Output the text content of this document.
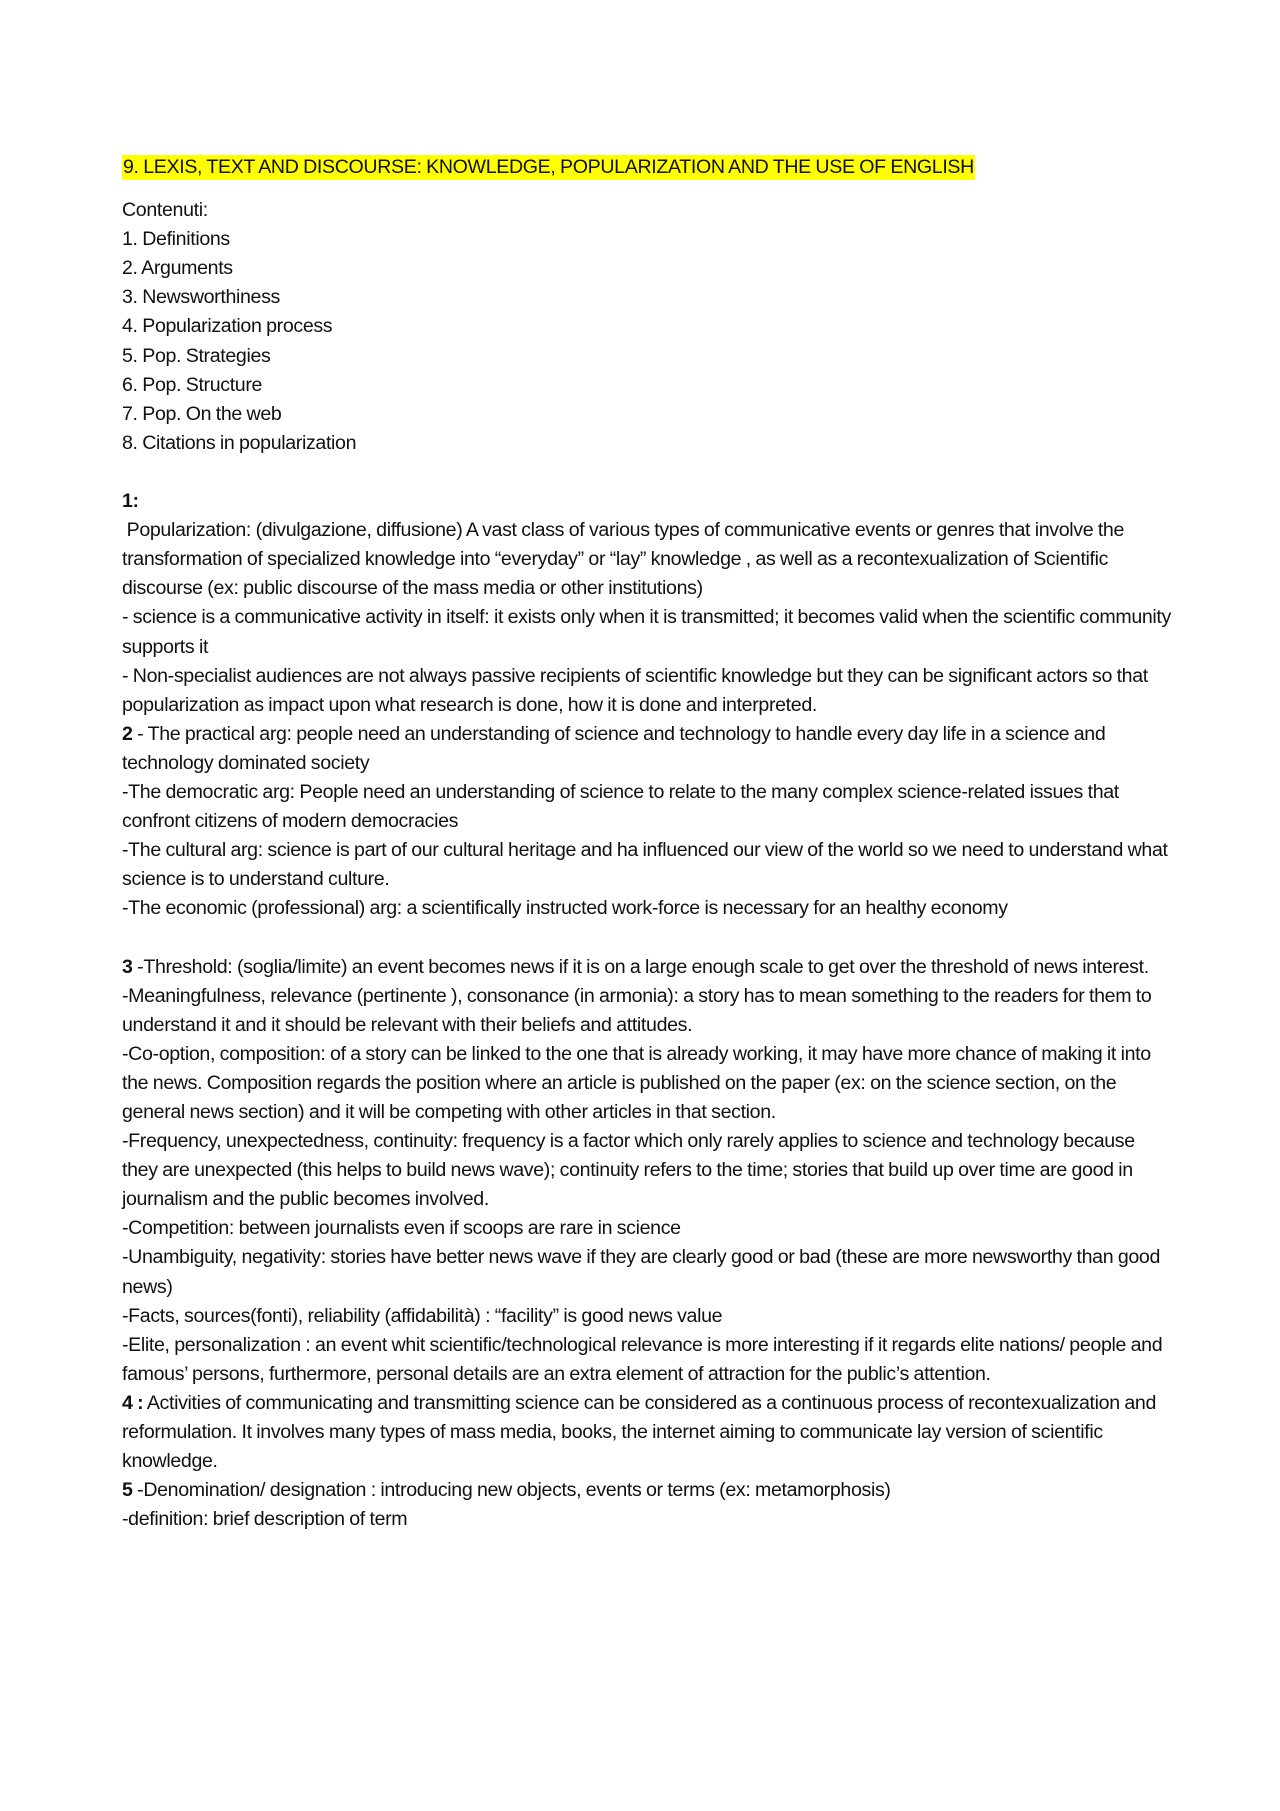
9. LEXIS, TEXT AND DISCOURSE: KNOWLEDGE, POPULARIZATION AND THE USE OF ENGLISH

Contenuti:

1. Definitions
2. Arguments
3. Newsworthiness
4. Popularization process
5. Pop. Strategies
6. Pop. Structure
7. Pop. On the web
8. Citations in popularization

1:

Popularization: (divulgazione, diffusione) A vast class of various types of communicative events or genres that involve the transformation of specialized knowledge into “everyday” or “lay” knowledge , as well as a recontexualization of Scientific discourse (ex: public discourse of the mass media or other institutions)

- science is a communicative activity in itself: it exists only when it is transmitted; it becomes valid when the scientific community supports it

- Non-specialist audiences are not always passive recipients of scientific knowledge but they can be significant actors so that popularization as impact upon what research is done, how it is done and interpreted.

2 - The practical arg: people need an understanding of science and technology to handle every day life in a science and technology dominated society

-The democratic arg: People need an understanding of science to relate to the many complex science-related issues that confront citizens of modern democracies

-The cultural arg: science is part of our cultural heritage and ha influenced our view of the world so we need to understand what science is to understand culture.

-The economic (professional) arg: a scientifically instructed work-force is necessary for an healthy economy

3 -Threshold: (soglia/limite) an event becomes news if it is on a large enough scale to get over the threshold of news interest.

-Meaningfulness, relevance (pertinente ), consonance (in armonia): a story has to mean something to the readers for them to understand it and it should be relevant with their beliefs and attitudes.

-Co-option, composition: of a story can be linked to the one that is already working, it may have more chance of making it into the news. Composition regards the position where an article is published on the paper (ex: on the science section, on the general news section) and it will be competing with other articles in that section.

-Frequency, unexpectedness, continuity: frequency is a factor which only rarely applies to science and technology because they are unexpected (this helps to build news wave); continuity refers to the time; stories that build up over time are good in journalism and the public becomes involved.

-Competition: between journalists even if scoops are rare in science

-Unambiguity, negativity: stories have better news wave if they are clearly good or bad (these are more newsworthy than good news)

-Facts, sources(fonti), reliability (affidabilità) : “facility” is good news value

-Elite, personalization : an event whit scientific/technological relevance is more interesting if it regards elite nations/ people and famous’ persons, furthermore, personal details are an extra element of attraction for the public’s attention.

4 : Activities of communicating and transmitting science can be considered as a continuous process of recontexualization and reformulation. It involves many types of mass media, books, the internet aiming to communicate lay version of scientific knowledge.

5 -Denomination/ designation : introducing new objects, events or terms (ex: metamorphosis)

-definition: brief description of term
